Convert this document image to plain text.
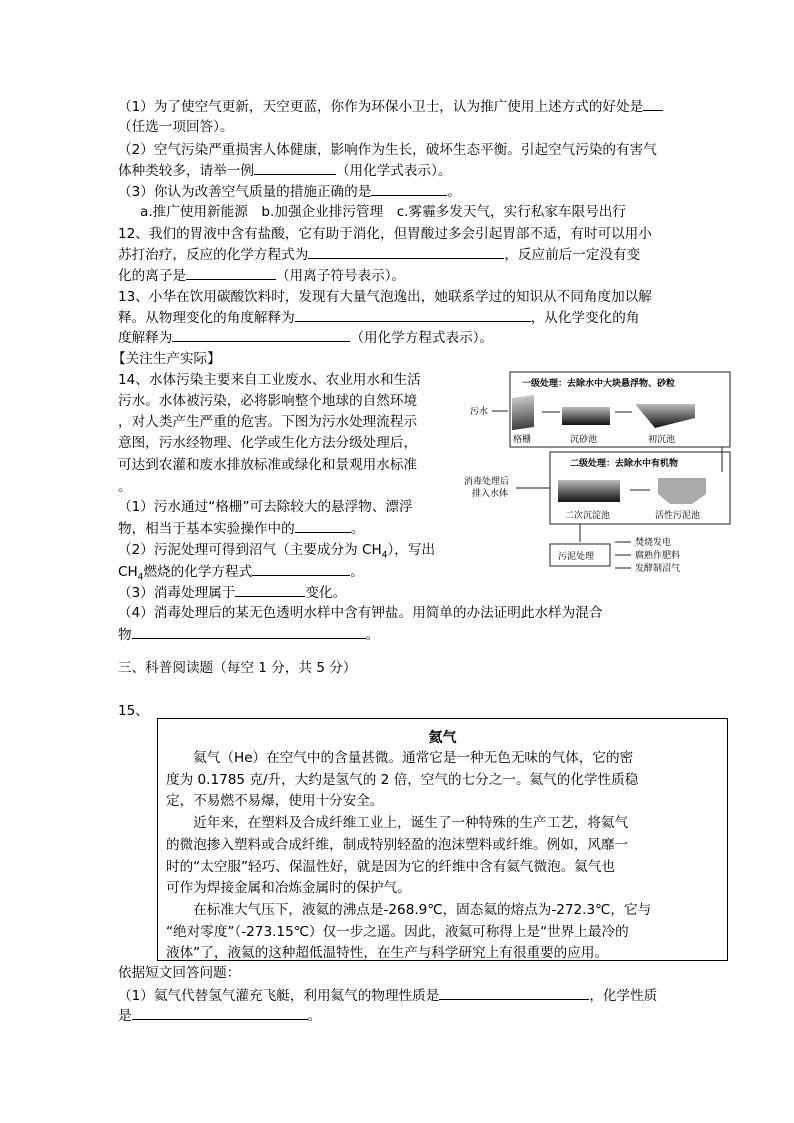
（1）为了使空气更新，天空更蓝，你作为环保小卫士，认为推广使用上述方式的好处是
（任选一项回答）。
（2）空气污染严重损害人体健康，影响作为生长，破坏生态平衡。引起空气污染的有害气
体种类较多，请举一例	（用化学式表示）。
（3）你认为改善空气质量的措施正确的是	。
a.推广使用新能源　b.加强企业排污管理　c.雾霾多发天气，实行私家车限号出行
12、我们的胃液中含有盐酸，它有助于消化，但胃酸过多会引起胃部不适，有时可以用小
苏打治疗，反应的化学方程式为	，反应前后一定没有变
化的离子是	（用离子符号表示）。
13、小华在饮用碳酸饮料时，发现有大量气泡逸出，她联系学过的知识从不同角度加以解
释。从物理变化的角度解释为	，从化学变化的角
度解释为	（用化学方程式表示）。
【关注生产实际】
14、水体污染主要来自工业废水、农业用水和生活
污水。水体被污染，必将影响整个地球的自然环境
，对人类产生严重的危害。下图为污水处理流程示
意图，污水经物理、化学或生化方法分级处理后，
可达到农灌和废水排放标准或绿化和景观用水标准
。
（1）污水通过“格栅”可去除较大的悬浮物、漂浮
物，相当于基本实验操作中的	。
（2）污泥处理可得到沼气（主要成分为 $CH_4$），写出
$CH_4$燃烧的化学方程式	。
（3）消毒处理属于	变化。
（4）消毒处理后的某无色透明水样中含有钾盐。用简单的办法证明此水样为混合
物	。
一级处理：去除水中大块悬浮物、砂粒
污水
格栅	沉砂池	初沉池
二级处理：去除水中有机物
消毒处理后
排入水体
二次沉淀池	活性污泥池
污泥处理
焚烧发电
腐熟作肥料
发酵制沼气
三、科普阅读题（每空 1 分，共 5 分）
15、
氦气
　　氦气（He）在空气中的含量甚微。通常它是一种无色无味的气体，它的密
度为 0.1785 克/升，大约是氢气的 2 倍，空气的七分之一。氦气的化学性质稳
定，不易燃不易爆，使用十分安全。
　　近年来，在塑料及合成纤维工业上，诞生了一种特殊的生产工艺，将氦气
的微泡掺入塑料或合成纤维，制成特别轻盈的泡沫塑料或纤维。例如，风靡一
时的“太空服”轻巧、保温性好，就是因为它的纤维中含有氦气微泡。氦气也
可作为焊接金属和冶炼金属时的保护气。
　　在标准大气压下，液氦的沸点是-268.9℃，固态氦的熔点为-272.3℃，它与
“绝对零度”（-273.15℃）仅一步之遥。因此，液氦可称得上是“世界上最冷的
液体”了，液氦的这种超低温特性，在生产与科学研究上有很重要的应用。
依据短文回答问题：
（1）氦气代替氢气灌充飞艇，利用氦气的物理性质是	，化学性质
是	。
